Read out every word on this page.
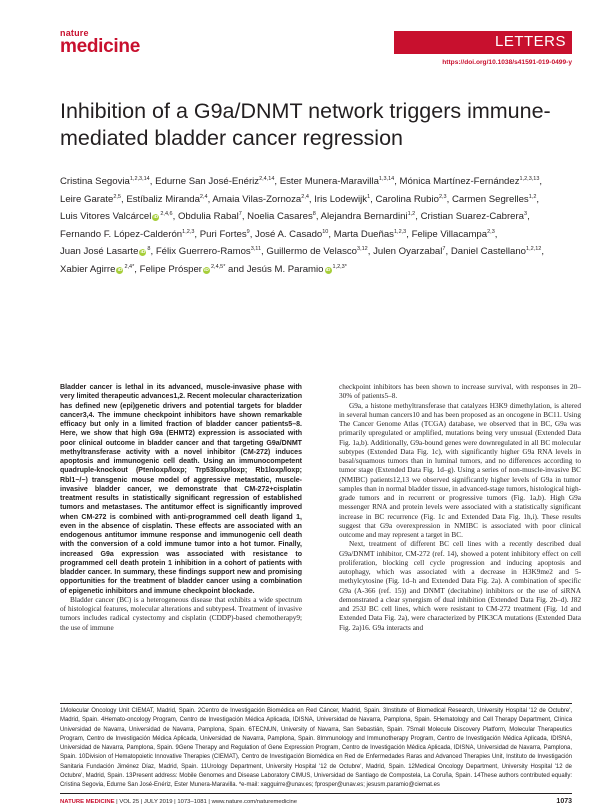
nature
medicine	LETTERS
https://doi.org/10.1038/s41591-019-0499-y
Inhibition of a G9a/DNMT network triggers immune-mediated bladder cancer regression
Cristina Segovia$^{1,2,3,14}$, Edurne San José-Enériz$^{2,4,14}$, Ester Munera-Maravilla$^{1,3,14}$, Mónica Martínez-Fernández$^{1,2,3,13}$, Leire Garate$^{2,5}$, Estíbaliz Miranda$^{2,4}$, Amaia Vilas-Zornoza$^{2,4}$, Iris Lodewijk$^1$, Carolina Rubio$^{2,3}$, Carmen Segrelles$^{1,2}$, Luis Vitores Valcárcel iD$^{2,4,6}$, Obdulia Rabal$^7$, Noelia Casares$^8$, Alejandra Bernardini$^{1,2}$, Cristian Suarez-Cabrera$^3$, Fernando F. López-Calderón$^{1,2,3}$, Puri Fortes$^9$, José A. Casado$^{10}$, Marta Dueñas$^{1,2,3}$, Felipe Villacampa$^{2,3}$, Juan José Lasarte $iD^8$, Félix Guerrero-Ramos$^{3,11}$, Guillermo de Velasco$^{3,12}$, Julen Oyarzabal$^7$, Daniel Castellano$^{1,2,12}$, Xabier Agirre $iD^{2,4*}$, Felipe Prósper $iD^{2,4,5*}$ and Jesús M. Paramio $iD^{1,2,3*}$

Bladder cancer is lethal in its advanced, muscle-invasive phase with very limited therapeutic advances1,2. Recent molecular characterization has defined new (epi)genetic drivers and potential targets for bladder cancer3,4. The immune checkpoint inhibitors have shown remarkable efficacy but only in a limited fraction of bladder cancer patients5–8. Here, we show that high G9a (EHMT2) expression is associated with poor clinical outcome in bladder cancer and that targeting G9a/DNMT methyltransferase activity with a novel inhibitor (CM-272) induces apoptosis and immunogenic cell death. Using an immunocompetent quadruple-knockout (Ptenloxp/loxp; Trp53loxp/loxp; Rb1loxp/loxp; Rbl1−/−) transgenic mouse model of aggressive metastatic, muscle-invasive bladder cancer, we demonstrate that CM-272+cisplatin treatment results in statistically significant regression of established tumors and metastases. The antitumor effect is significantly improved when CM-272 is combined with anti-programmed cell death ligand 1, even in the absence of cisplatin. These effects are associated with an endogenous antitumor immune response and immunogenic cell death with the conversion of a cold immune tumor into a hot tumor. Finally, increased G9a expression was associated with resistance to programmed cell death protein 1 inhibition in a cohort of patients with bladder cancer. In summary, these findings support new and promising opportunities for the treatment of bladder cancer using a combination of epigenetic inhibitors and immune checkpoint blockade.

Bladder cancer (BC) is a heterogeneous disease that exhibits a wide spectrum of histological features, molecular alterations and subtypes4. Treatment of invasive tumors includes radical cystectomy and cisplatin (CDDP)-based chemotherapy9; the use of immune

checkpoint inhibitors has been shown to increase survival, with responses in 20–30% of patients5–8.

G9a, a histone methyltransferase that catalyzes H3K9 dimethylation, is altered in several human cancers10 and has been proposed as an oncogene in BC11. Using The Cancer Genome Atlas (TCGA) database, we observed that in BC, G9a was primarily upregulated or amplified, mutations being very unusual (Extended Data Fig. 1a,b). Additionally, G9a-bound genes were downregulated in all BC molecular subtypes (Extended Data Fig. 1c), with significantly higher G9a RNA levels in basal/squamous tumors than in luminal tumors, and no differences according to tumor stage (Extended Data Fig. 1d–g). Using a series of non-muscle-invasive BC (NMIBC) patients12,13 we observed significantly higher levels of G9a in tumor samples than in normal bladder tissue, in advanced-stage tumors, histological high-grade tumors and in recurrent or progressive tumors (Fig. 1a,b). High G9a messenger RNA and protein levels were associated with a statistically significant increase in BC recurrence (Fig. 1c and Extended Data Fig. 1h,i). These results suggest that G9a overexpression in NMIBC is associated with poor clinical outcome and may represent a target in BC.

Next, treatment of different BC cell lines with a recently described dual G9a/DNMT inhibitor, CM-272 (ref. 14), showed a potent inhibitory effect on cell proliferation, blocking cell cycle progression and inducing apoptosis and autophagy, which was associated with a decrease in H3K9me2 and 5-methylcytosine (Fig. 1d–h and Extended Data Fig. 2a). A combination of specific G9a (A-366 (ref. 15)) and DNMT (decitabine) inhibitors or the use of siRNA demonstrated a clear synergism of dual inhibition (Extended Data Fig. 2b–d). J82 and 253J BC cell lines, which were resistant to CM-272 treatment (Fig. 1d and Extended Data Fig. 2a), were characterized by PIK3CA mutations (Extended Data Fig. 2a)16. G9a interacts and

1Molecular Oncology Unit CIEMAT, Madrid, Spain. 2Centro de Investigación Biomédica en Red Cáncer, Madrid, Spain. 3Institute of Biomedical Research, University Hospital '12 de Octubre', Madrid, Spain. 4Hemato-oncology Program, Centro de Investigación Médica Aplicada, IDISNA, Universidad de Navarra, Pamplona, Spain. 5Hematology and Cell Therapy Department, Clínica Universidad de Navarra, Universidad de Navarra, Pamplona, Spain. 6TECNUN, University of Navarra, San Sebastián, Spain. 7Small Molecule Discovery Platform, Molecular Therapeutics Program, Centro de Investigación Médica Aplicada, Universidad de Navarra, Pamplona, Spain. 8Immunology and Immunotherapy Program, Centro de Investigación Médica Aplicada, IDISNA, Universidad de Navarra, Pamplona, Spain. 9Gene Therapy and Regulation of Gene Expression Program, Centro de Investigación Médica Aplicada, IDISNA, Universidad de Navarra, Pamplona, Spain. 10Division of Hematopoietic Innovative Therapies (CIEMAT), Centro de Investigación Biomédica en Red de Enfermedades Raras and Advanced Therapies Unit, Instituto de Investigación Sanitaria Fundación Jiménez Díaz, Madrid, Spain. 11Urology Department, University Hospital '12 de Octubre', Madrid, Spain. 12Medical Oncology Department, University Hospital '12 de Octubre', Madrid, Spain. 13Present address: Mobile Genomes and Disease Laboratory CIMUS, Universidad de Santiago de Compostela, La Coruña, Spain. 14These authors contributed equally: Cristina Segovia, Edurne San José-Enériz, Ester Munera-Maravilla. *e-mail: xagguirre@unav.es; fprosper@unav.es; jesusm.paramio@ciemat.es
NATURE MEDICINE | VOL 25 | JULY 2019 | 1073–1081 | www.nature.com/naturemedicine	1073
